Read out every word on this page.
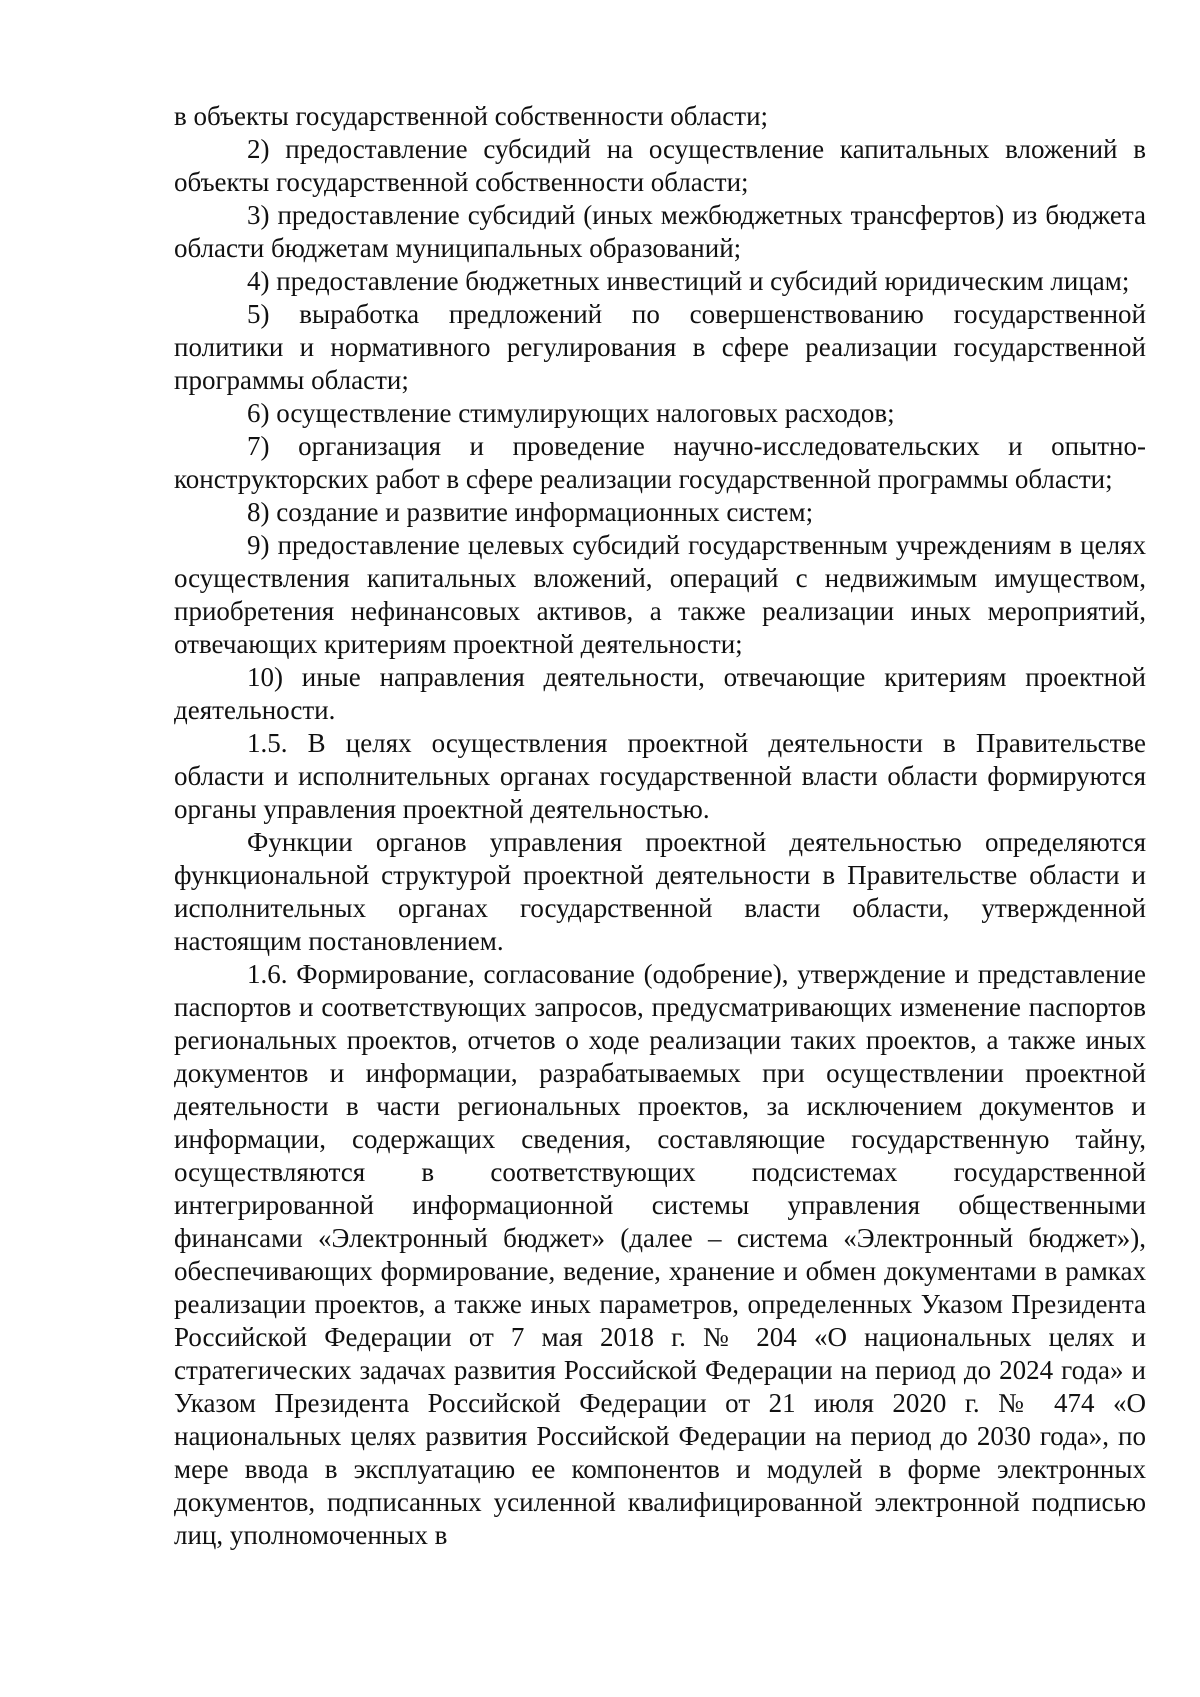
в объекты государственной собственности области;

2) предоставление субсидий на осуществление капитальных вложений в объекты государственной собственности области;

3) предоставление субсидий (иных межбюджетных трансфертов) из бюджета области бюджетам муниципальных образований;

4) предоставление бюджетных инвестиций и субсидий юридическим лицам;

5) выработка предложений по совершенствованию государственной политики и нормативного регулирования в сфере реализации государственной программы области;

6) осуществление стимулирующих налоговых расходов;

7) организация и проведение научно-исследовательских и опытно-конструкторских работ в сфере реализации государственной программы области;

8) создание и развитие информационных систем;

9) предоставление целевых субсидий государственным учреждениям в целях осуществления капитальных вложений, операций с недвижимым имуществом, приобретения нефинансовых активов, а также реализации иных мероприятий, отвечающих критериям проектной деятельности;

10) иные направления деятельности, отвечающие критериям проектной деятельности.

1.5. В целях осуществления проектной деятельности в Правительстве области и исполнительных органах государственной власти области формируются органы управления проектной деятельностью.

Функции органов управления проектной деятельностью определяются функциональной структурой проектной деятельности в Правительстве области и исполнительных органах государственной власти области, утвержденной настоящим постановлением.

1.6. Формирование, согласование (одобрение), утверждение и представление паспортов и соответствующих запросов, предусматривающих изменение паспортов региональных проектов, отчетов о ходе реализации таких проектов, а также иных документов и информации, разрабатываемых при осуществлении проектной деятельности в части региональных проектов, за исключением документов и информации, содержащих сведения, составляющие государственную тайну, осуществляются в соответствующих подсистемах государственной интегрированной информационной системы управления общественными финансами «Электронный бюджет» (далее – система «Электронный бюджет»), обеспечивающих формирование, ведение, хранение и обмен документами в рамках реализации проектов, а также иных параметров, определенных Указом Президента Российской Федерации от 7 мая 2018 г. № 204 «О национальных целях и стратегических задачах развития Российской Федерации на период до 2024 года» и Указом Президента Российской Федерации от 21 июля 2020 г. № 474 «О национальных целях развития Российской Федерации на период до 2030 года», по мере ввода в эксплуатацию ее компонентов и модулей в форме электронных документов, подписанных усиленной квалифицированной электронной подписью лиц, уполномоченных в
